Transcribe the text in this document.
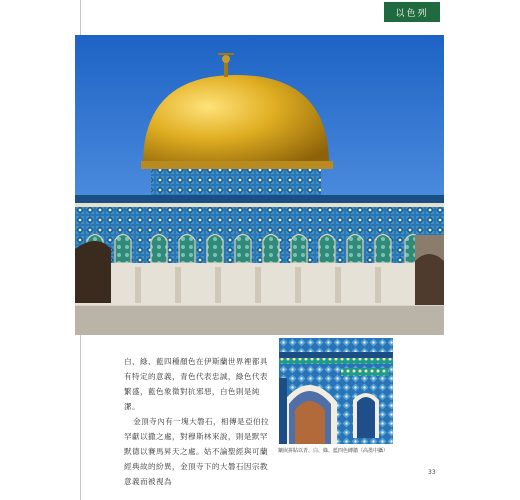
以色列

白、綠、藍四種顏色在伊斯蘭世界裡都具有特定的意義，青色代表忠誠，綠色代表繁盛，藍色象徵對抗邪惡，白色則是純潔。

金頂寺內有一塊大磐石，相傳是亞伯拉罕獻以撒之處，對穆斯林來說，則是默罕默德以賽馬昇天之處。姑不論聖經與可蘭經典故的紛異，金頂寺下的大磐石因宗教意義而被視為

鑲嵌拼貼以青、白、綠、藍四色磚牆（高墨中攝）
33
